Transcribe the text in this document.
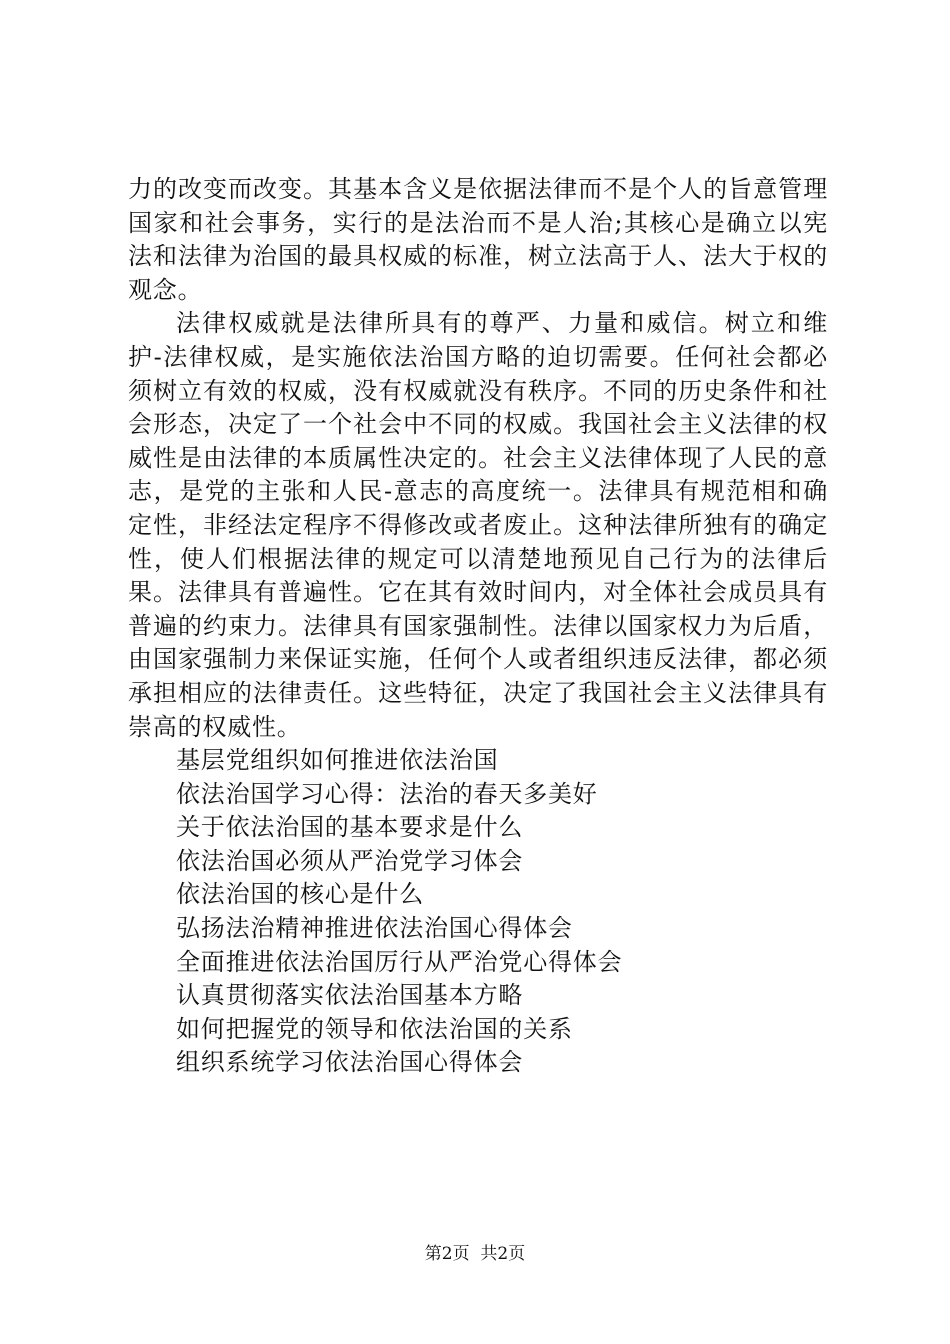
力的改变而改变。其基本含义是依据法律而不是个人的旨意管理国家和社会事务，实行的是法治而不是人治;其核心是确立以宪法和法律为治国的最具权威的标准，树立法高于人、法大于权的观念。

法律权威就是法律所具有的尊严、力量和威信。树立和维护-法律权威，是实施依法治国方略的迫切需要。任何社会都必须树立有效的权威，没有权威就没有秩序。不同的历史条件和社会形态，决定了一个社会中不同的权威。我国社会主义法律的权威性是由法律的本质属性决定的。社会主义法律体现了人民的意志，是党的主张和人民-意志的高度统一。法律具有规范相和确定性，非经法定程序不得修改或者废止。这种法律所独有的确定性，使人们根据法律的规定可以清楚地预见自己行为的法律后果。法律具有普遍性。它在其有效时间内，对全体社会成员具有普遍的约束力。法律具有国家强制性。法律以国家权力为后盾，由国家强制力来保证实施，任何个人或者组织违反法律，都必须承担相应的法律责任。这些特征，决定了我国社会主义法律具有崇高的权威性。

基层党组织如何推进依法治国
依法治国学习心得：法治的春天多美好
关于依法治国的基本要求是什么
依法治国必须从严治党学习体会
依法治国的核心是什么
弘扬法治精神推进依法治国心得体会
全面推进依法治国厉行从严治党心得体会
认真贯彻落实依法治国基本方略
如何把握党的领导和依法治国的关系
组织系统学习依法治国心得体会
第2页  共2页
